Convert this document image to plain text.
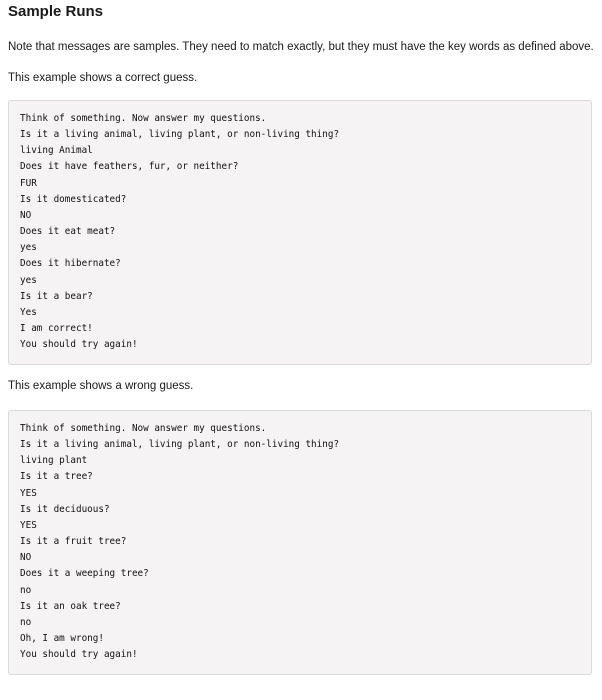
Sample Runs

Note that messages are samples. They need to match exactly, but they must have the key words as defined above.

This example shows a correct guess.

Think of something. Now answer my questions.
Is it a living animal, living plant, or non-living thing?
living Animal
Does it have feathers, fur, or neither?
FUR
Is it domesticated?
NO
Does it eat meat?
yes
Does it hibernate?
yes
Is it a bear?
Yes
I am correct!
You should try again!

This example shows a wrong guess.

Think of something. Now answer my questions.
Is it a living animal, living plant, or non-living thing?
living plant
Is it a tree?
YES
Is it deciduous?
YES
Is it a fruit tree?
NO
Does it a weeping tree?
no
Is it an oak tree?
no
Oh, I am wrong!
You should try again!
